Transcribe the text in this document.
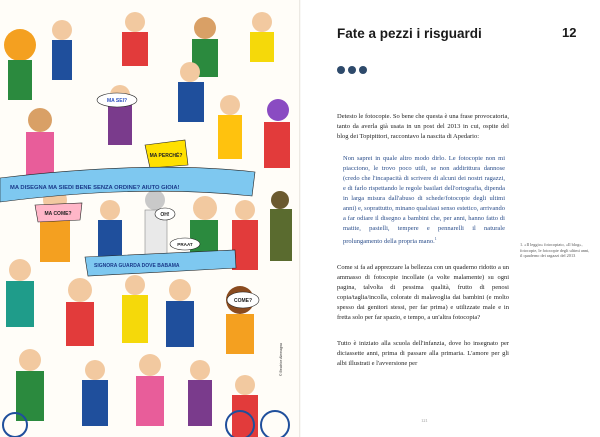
MA SEI?
MA PERCHÉ?
MA DISEGNA MA SIEDI BENE SENZA ORDINE? AIUTO GIOIA!
OH!
MA COME?
PRAAT
SIGNORA GUARDA DOVE BABAMA
COME?
© Beatrice Alemagna
Fate a pezzi i risguardi	12

Detesto le fotocopie. So bene che questa è una frase provocatoria, tanto da averla già usata in un post del 2013 in cui, ospite del blog dei Topipittori, raccontavo la nascita di Apedario:

Non saprei in quale altro modo dirlo. Le fotocopie non mi piacciono, le trovo poco utili, se non addirittura dannose (credo che l'incapacità di scrivere di alcuni dei nostri ragazzi, e di farlo rispettando le regole basilari dell'ortografia, dipenda in larga misura dall'abuso di schede/fotocopie degli ultimi anni) e, soprattutto, minano qualsiasi senso estetico, arrivando a far odiare il disegno a bambini che, per anni, hanno fatto di matite, pastelli, tempere e pennarelli il naturale prolungamento della propria mano.$^1$

Come si fa ad apprezzare la bellezza con un quaderno ridotto a un ammasso di fotocopie incollate (a volte malamente) su ogni pagina, talvolta di pessima qualità, frutto di penosi copia/taglia/incolla, colorate di malavoglia dai bambini (e molto spesso dai genitori stessi, per far prima) e utilizzate male e in fretta solo per far spazio, e tempo, a un'altra fotocopia?

Tutto è iniziato alla scuola dell'infanzia, dove ho insegnato per diciassette anni, prima di passare alla primaria. L'amore per gli albi illustrati e l'avversione per

1. «Il leggio» fotocopiato, «Il blog», fotocopie, le fotocopie degli ultimi anni, il quaderno dei ragazzi del 2013

121
